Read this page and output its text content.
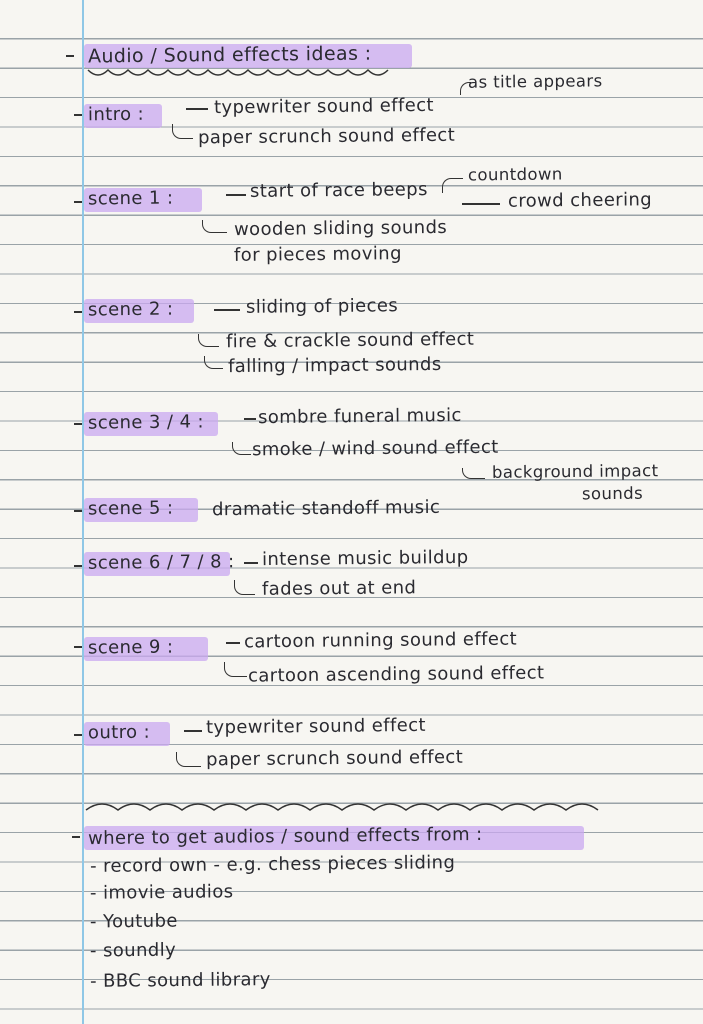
Audio / Sound effects ideas :
as title appears
intro :	typewriter sound effect
paper scrunch sound effect
countdown
crowd cheering
scene 1 :	start of race beeps
wooden sliding sounds
for pieces moving
scene 2 :	sliding of pieces
fire & crackle sound effect
falling / impact sounds
scene 3 / 4 :	sombre funeral music
smoke / wind sound effect
background impact
sounds
scene 5 : dramatic standoff music
scene 6 / 7 / 8 : intense music buildup
fades out at end
scene 9 :	cartoon running sound effect
cartoon ascending sound effect
outro :	typewriter sound effect
paper scrunch sound effect
where to get audios / sound effects from :
- record own - e.g. chess pieces sliding
- imovie audios
- Youtube
- soundly
- BBC sound library
